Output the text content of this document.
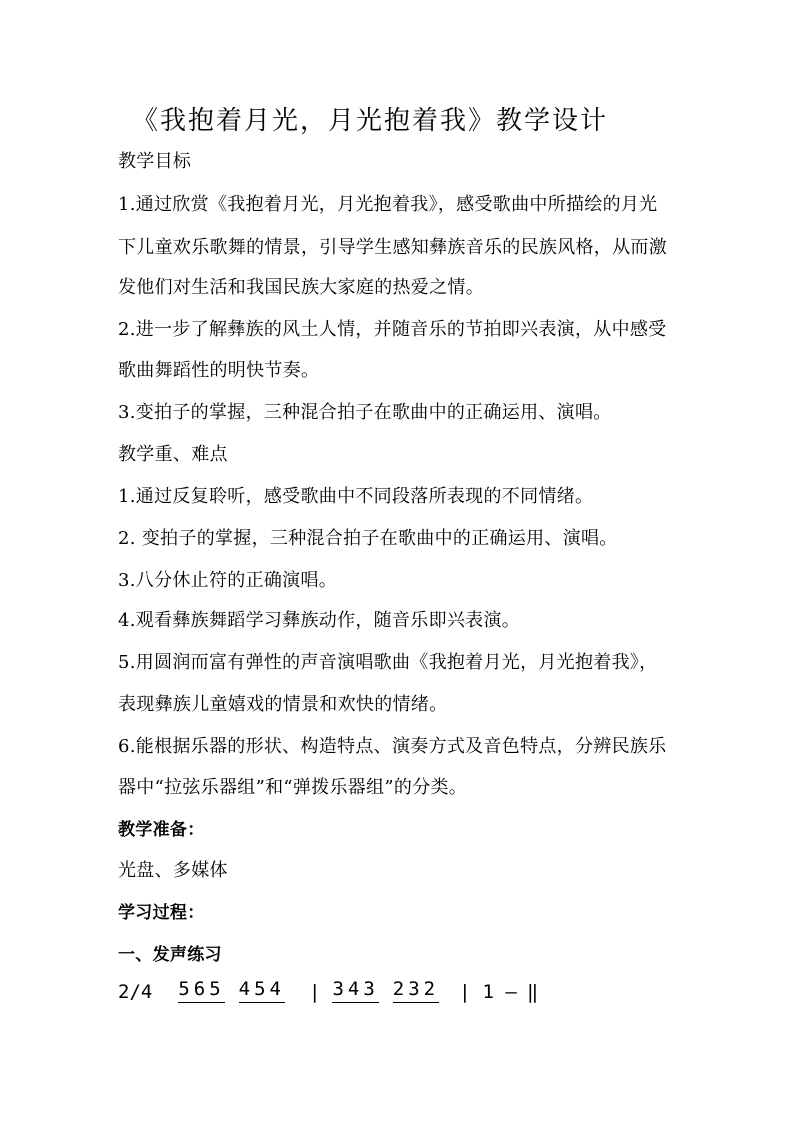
《我抱着月光，月光抱着我》教学设计
教学目标
1.通过欣赏《我抱着月光，月光抱着我》，感受歌曲中所描绘的月光
下儿童欢乐歌舞的情景，引导学生感知彝族音乐的民族风格，从而激
发他们对生活和我国民族大家庭的热爱之情。
2.进一步了解彝族的风土人情，并随音乐的节拍即兴表演，从中感受
歌曲舞蹈性的明快节奏。
3.变拍子的掌握，三种混合拍子在歌曲中的正确运用、演唱。
教学重、难点
1.通过反复聆听，感受歌曲中不同段落所表现的不同情绪。
2. 变拍子的掌握，三种混合拍子在歌曲中的正确运用、演唱。
3.八分休止符的正确演唱。
4.观看彝族舞蹈学习彝族动作，随音乐即兴表演。
5.用圆润而富有弹性的声音演唱歌曲《我抱着月光，月光抱着我》，
表现彝族儿童嬉戏的情景和欢快的情绪。
6.能根据乐器的形状、构造特点、演奏方式及音色特点，分辨民族乐
器中“拉弦乐器组”和“弹拨乐器组”的分类。
教学准备：
光盘、多媒体
学习过程：
一、发声练习
2/4 565 454 | 343 232 | 1 — ‖
